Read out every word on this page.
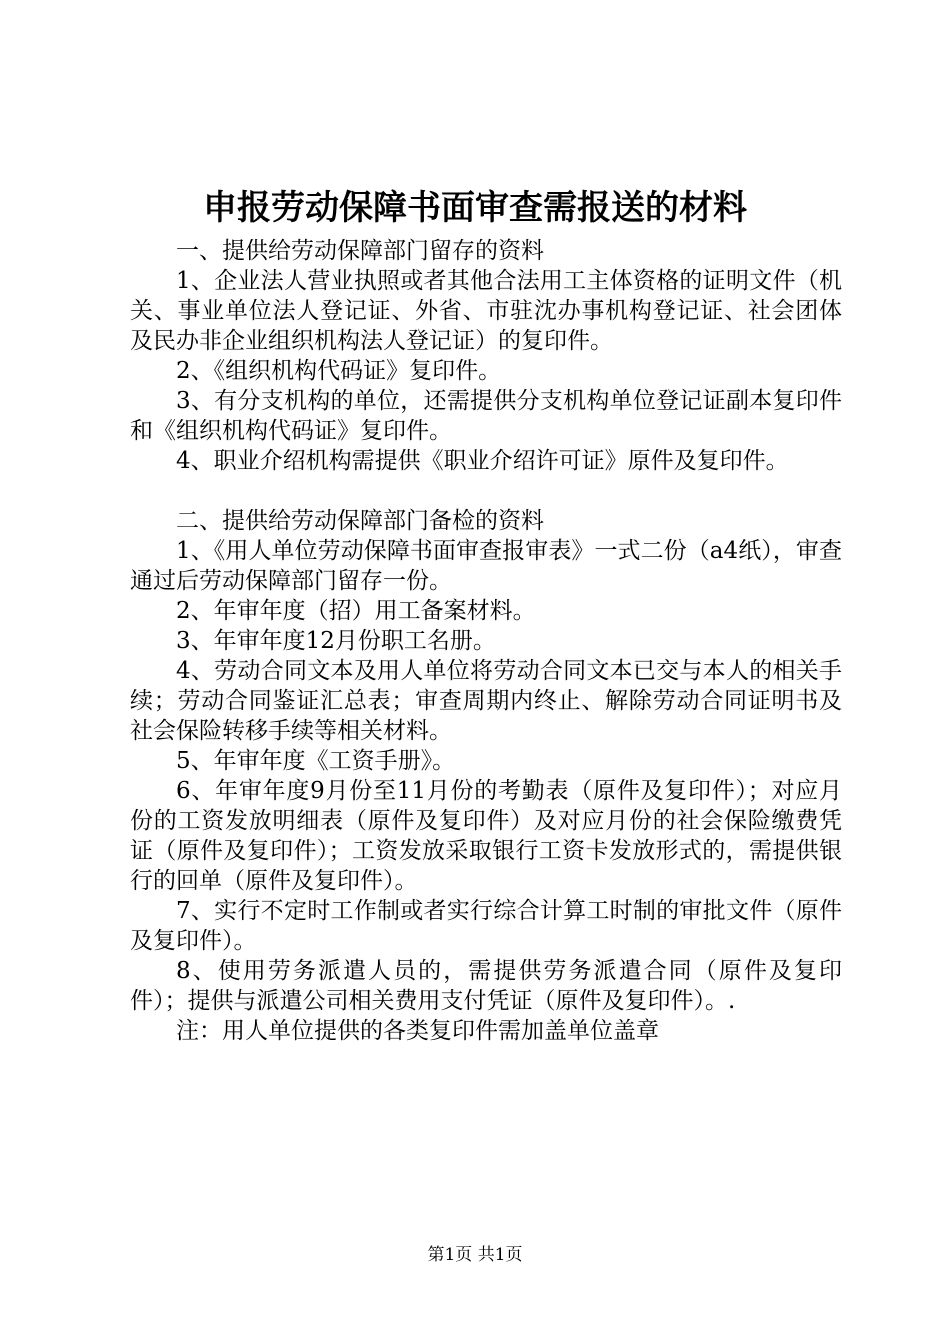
申报劳动保障书面审查需报送的材料

一、提供给劳动保障部门留存的资料

1、企业法人营业执照或者其他合法用工主体资格的证明文件（机关、事业单位法人登记证、外省、市驻沈办事机构登记证、社会团体及民办非企业组织机构法人登记证）的复印件。

2、《组织机构代码证》复印件。

3、有分支机构的单位，还需提供分支机构单位登记证副本复印件和《组织机构代码证》复印件。

4、职业介绍机构需提供《职业介绍许可证》原件及复印件。

二、提供给劳动保障部门备检的资料

1、《用人单位劳动保障书面审查报审表》一式二份（a4纸），审查通过后劳动保障部门留存一份。

2、年审年度（招）用工备案材料。

3、年审年度12月份职工名册。

4、劳动合同文本及用人单位将劳动合同文本已交与本人的相关手续；劳动合同鉴证汇总表；审查周期内终止、解除劳动合同证明书及社会保险转移手续等相关材料。

5、年审年度《工资手册》。

6、年审年度9月份至11月份的考勤表（原件及复印件）；对应月份的工资发放明细表（原件及复印件）及对应月份的社会保险缴费凭证（原件及复印件）；工资发放采取银行工资卡发放形式的，需提供银行的回单（原件及复印件）。

7、实行不定时工作制或者实行综合计算工时制的审批文件（原件及复印件）。

8、使用劳务派遣人员的，需提供劳务派遣合同（原件及复印件）；提供与派遣公司相关费用支付凭证（原件及复印件）。.

注：用人单位提供的各类复印件需加盖单位盖章

第1页 共1页
